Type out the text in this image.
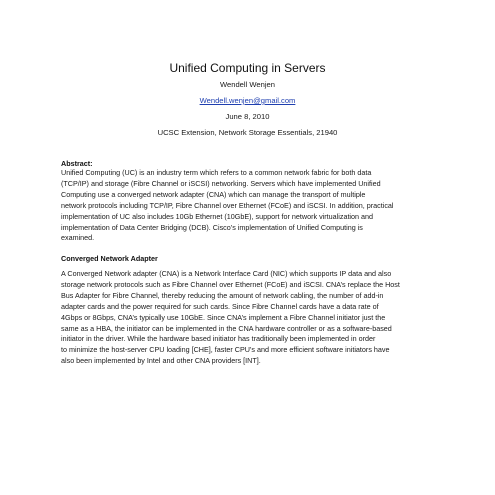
Unified Computing in Servers
Wendell Wenjen
Wendell.wenjen@gmail.com
June 8, 2010
UCSC Extension, Network Storage Essentials, 21940
Abstract:
Unified Computing (UC) is an industry term which refers to a common network fabric for both data
(TCP/IP) and storage (Fibre Channel or iSCSI) networking. Servers which have implemented Unified
Computing use a converged network adapter (CNA) which can manage the transport of multiple
network protocols including TCP/IP, Fibre Channel over Ethernet (FCoE) and iSCSI. In addition, practical
implementation of UC also includes 10Gb Ethernet (10GbE), support for network virtualization and
implementation of Data Center Bridging (DCB). Cisco’s implementation of Unified Computing is
examined.
Converged Network Adapter
A Converged Network adapter (CNA) is a Network Interface Card (NIC) which supports IP data and also
storage network protocols such as Fibre Channel over Ethernet (FCoE) and iSCSI. CNA’s replace the Host
Bus Adapter for Fibre Channel, thereby reducing the amount of network cabling, the number of add-in
adapter cards and the power required for such cards. Since Fibre Channel cards have a data rate of
4Gbps or 8Gbps, CNA’s typically use 10GbE. Since CNA’s implement a Fibre Channel initiator just the
same as a HBA, the initiator can be implemented in the CNA hardware controller or as a software-based
initiator in the driver. While the hardware based initiator has traditionally been implemented in order
to minimize the host-server CPU loading [CHE], faster CPU’s and more efficient software initiators have
also been implemented by Intel and other CNA providers [INT].
